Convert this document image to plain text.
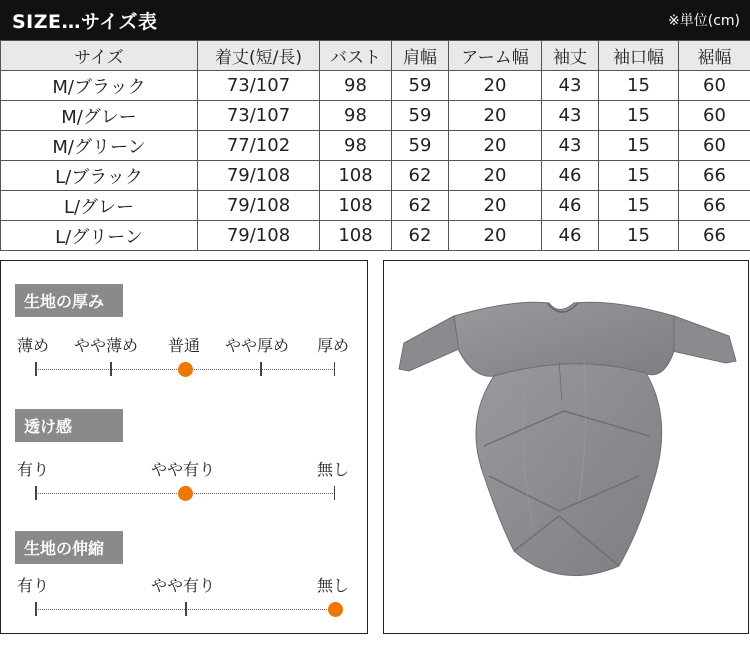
SIZE…サイズ表	※単位(cm)
サイズ	着丈(短/長)	バスト	肩幅	アーム幅	袖丈	袖口幅	裾幅
M/ブラック	73/107	98	59	20	43	15	60
M/グレー	73/107	98	59	20	43	15	60
M/グリーン	77/102	98	59	20	43	15	60
L/ブラック	79/108	108	62	20	46	15	66
L/グレー	79/108	108	62	20	46	15	66
L/グリーン	79/108	108	62	20	46	15	66
生地の厚み
薄め やや薄め 普通 やや厚め 厚め
透け感
有り	やや有り	無し
生地の伸縮
有り	やや有り	無し
